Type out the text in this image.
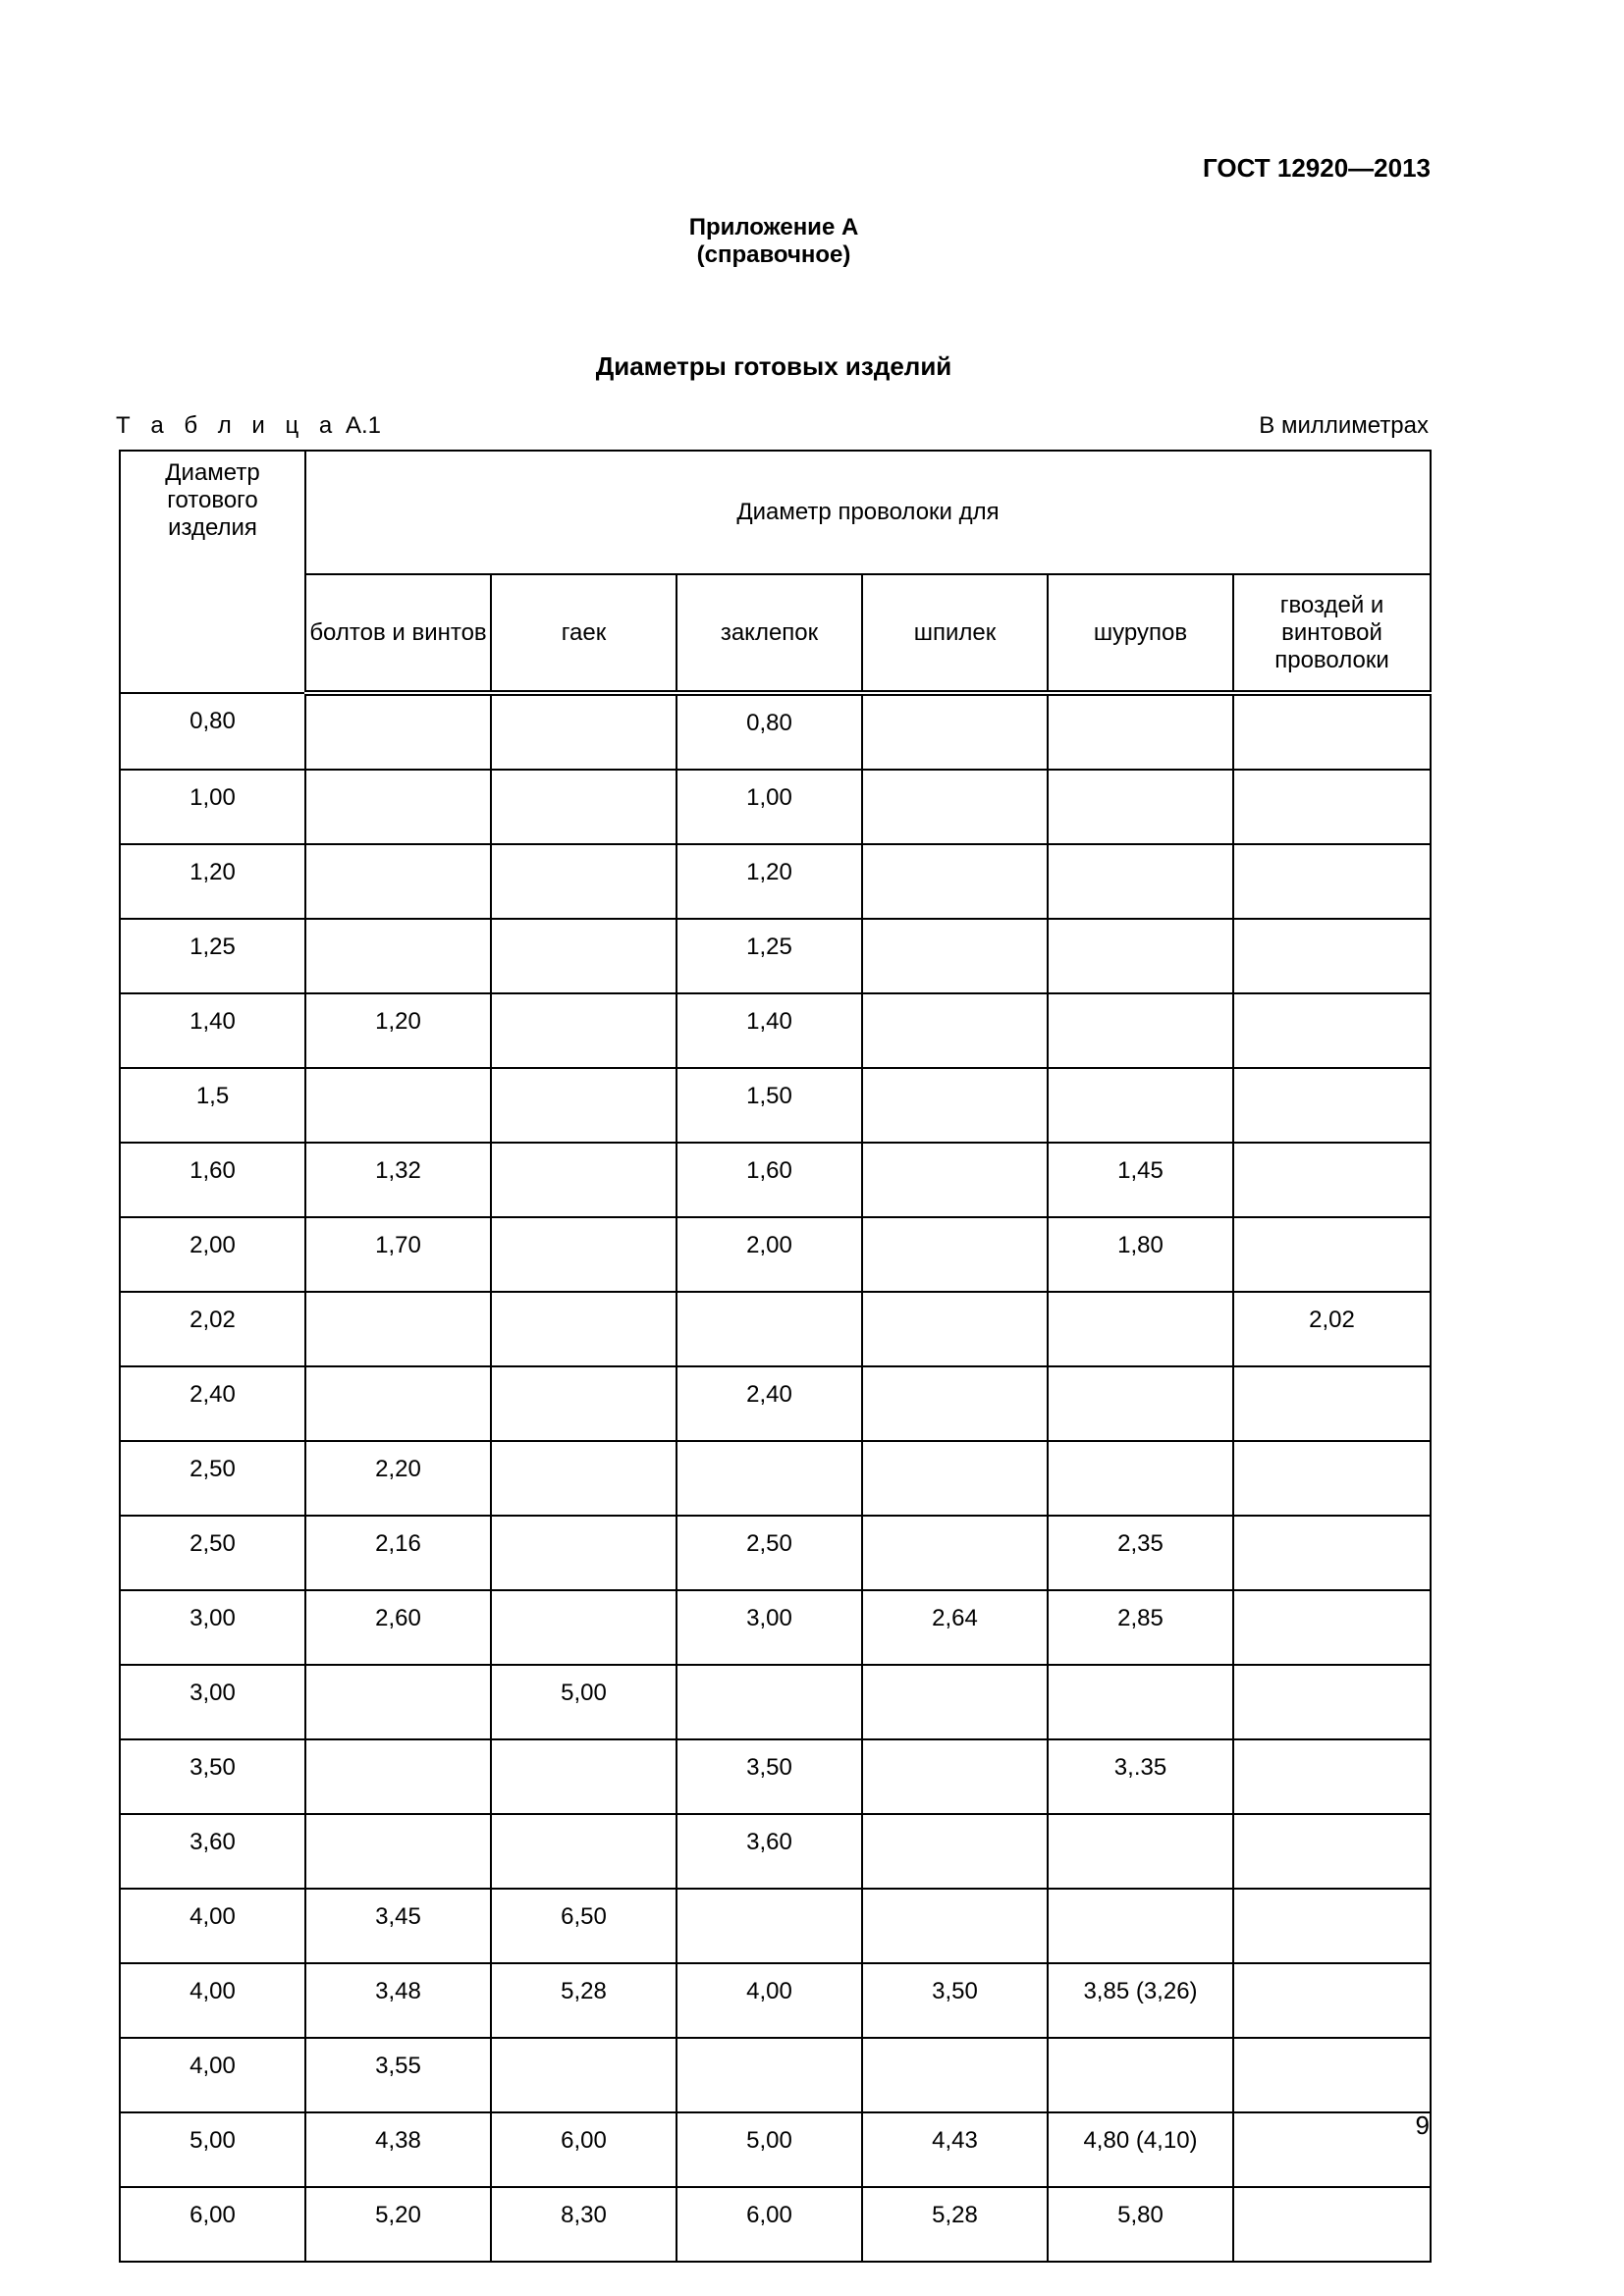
ГОСТ 12920—2013
Приложение А
(справочное)
Диаметры готовых изделий
Т а б л и ц а А.1	В миллиметрах
Диаметр готового изделия	Диаметр проволоки для					
	болтов и винтов	гаек	заклепок	шпилек	шурупов	гвоздей и винтовой проволоки
0,80			0,80			
1,00			1,00			
1,20			1,20			
1,25			1,25			
1,40	1,20		1,40			
1,5			1,50			
1,60	1,32		1,60		1,45	
2,00	1,70		2,00		1,80	
2,02						2,02
2,40			2,40			
2,50	2,20					
2,50	2,16		2,50		2,35	
3,00	2,60		3,00	2,64	2,85	
3,00		5,00				
3,50			3,50		3,.35	
3,60			3,60			
4,00	3,45	6,50				
4,00	3,48	5,28	4,00	3,50	3,85 (3,26)	
4,00	3,55					
5,00	4,38	6,00	5,00	4,43	4,80 (4,10)	
6,00	5,20	8,30	6,00	5,28	5,80	
9
